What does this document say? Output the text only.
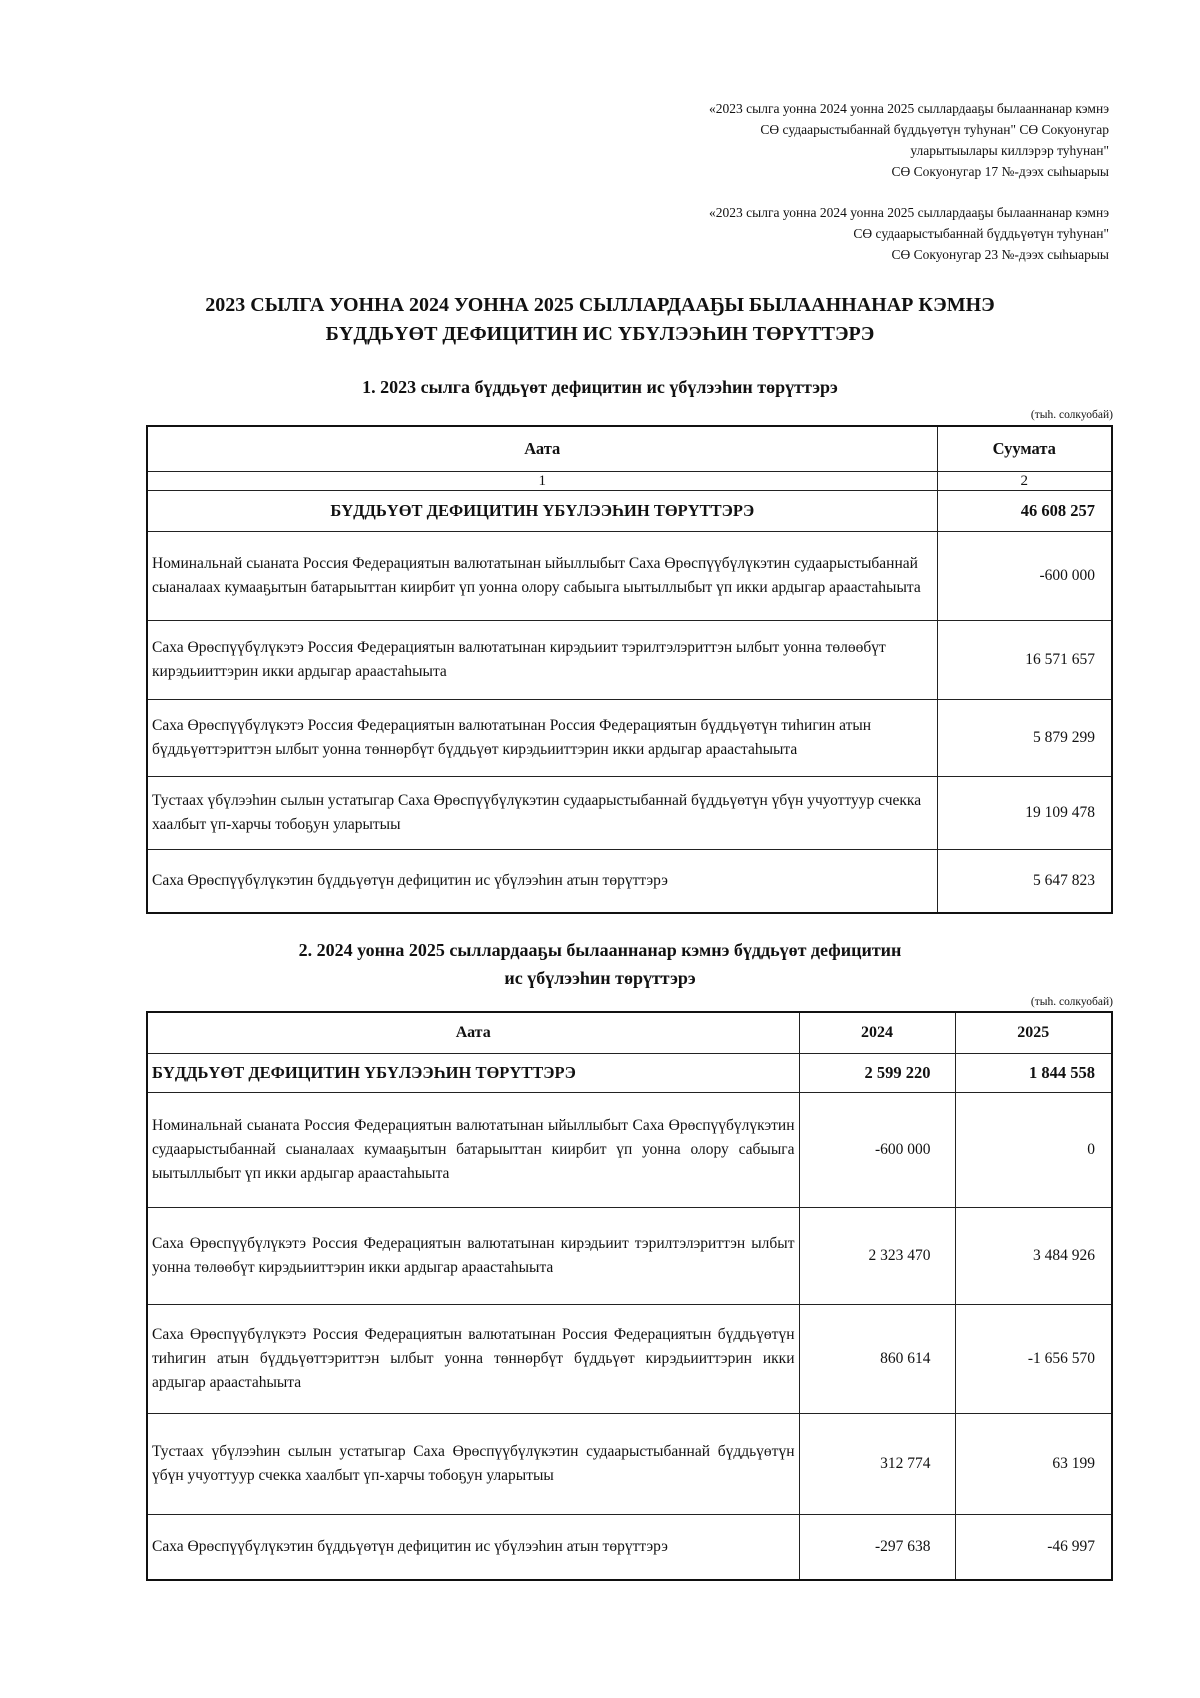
«2023 сылга уонна 2024 уонна 2025 сыллардааҕы былааннанар кэмнэ
СӨ судаарыстыбаннай бүддьүөтүн туһунан" СӨ Сокуонугар
уларытыылары киллэрэр туһунан"
СӨ Сокуонугар 17 №-дээх сыһыарыы
«2023 сылга уонна 2024 уонна 2025 сыллардааҕы былааннанар кэмнэ
СӨ судаарыстыбаннай бүддьүөтүн туһунан"
СӨ Сокуонугар 23 №-дээх сыһыарыы
2023 СЫЛГА УОННА 2024 УОННА 2025 СЫЛЛАРДААҔЫ БЫЛААННАНАР КЭМНЭ
БҮДДЬҮӨТ ДЕФИЦИТИН ИС ҮБҮЛЭЭҺИН ТӨРҮТТЭРЭ
1. 2023 сылга бүддьүөт дефицитин ис үбүлээһин төрүттэрэ
(тыһ. солкуобай)
Аата	Суумата
1	2
БҮДДЬҮӨТ ДЕФИЦИТИН ҮБҮЛЭЭҺИН ТӨРҮТТЭРЭ	46 608 257
Номинальнай сыаната Россия Федерациятын валютатынан ыйыллыбыт Саха Өрөспүүбүлүкэтин судаарыстыбаннай сыаналаах кумааҕытын батарыыттан киирбит үп уонна олору сабыыга ыытыллыбыт үп икки ардыгар араастаһыыта	-600 000
Саха Өрөспүүбүлүкэтэ Россия Федерациятын валютатынан кирэдьиит тэрилтэлэриттэн ылбыт уонна төлөөбүт кирэдьииттэрин икки ардыгар араастаһыыта	16 571 657
Саха Өрөспүүбүлүкэтэ Россия Федерациятын валютатынан Россия Федерациятын бүддьүөтүн тиһигин атын бүддьүөттэриттэн ылбыт уонна төннөрбүт бүддьүөт кирэдьииттэрин икки ардыгар араастаһыыта	5 879 299
Тустаах үбүлээһин сылын устатыгар Саха Өрөспүүбүлүкэтин судаарыстыбаннай бүддьүөтүн үбүн учуоттуур счекка хаалбыт үп-харчы тобоҕун уларытыы	19 109 478
Саха Өрөспүүбүлүкэтин бүддьүөтүн дефицитин ис үбүлээһин атын төрүттэрэ	5 647 823
2. 2024 уонна 2025 сыллардааҕы былааннанар кэмнэ бүддьүөт дефицитин
ис үбүлээһин төрүттэрэ
(тыһ. солкуобай)
Аата	2024	2025
БҮДДЬҮӨТ ДЕФИЦИТИН ҮБҮЛЭЭҺИН ТӨРҮТТЭРЭ	2 599 220	1 844 558
Номинальнай сыаната Россия Федерациятын валютатынан ыйыллыбыт Саха Өрөспүүбүлүкэтин судаарыстыбаннай сыаналаах кумааҕытын батарыыттан киирбит үп уонна олору сабыыга ыытыллыбыт үп икки ардыгар араастаһыыта	-600 000	0
Саха Өрөспүүбүлүкэтэ Россия Федерациятын валютатынан кирэдьиит тэрилтэлэриттэн ылбыт уонна төлөөбүт кирэдьииттэрин икки ардыгар араастаһыыта	2 323 470	3 484 926
Саха Өрөспүүбүлүкэтэ Россия Федерациятын валютатынан Россия Федерациятын бүддьүөтүн тиһигин атын бүддьүөттэриттэн ылбыт уонна төннөрбүт бүддьүөт кирэдьииттэрин икки ардыгар араастаһыыта	860 614	-1 656 570
Тустаах үбүлээһин сылын устатыгар Саха Өрөспүүбүлүкэтин судаарыстыбаннай бүддьүөтүн үбүн учуоттуур счекка хаалбыт үп-харчы тобоҕун уларытыы	312 774	63 199
Саха Өрөспүүбүлүкэтин бүддьүөтүн дефицитин ис үбүлээһин атын төрүттэрэ	-297 638	-46 997
